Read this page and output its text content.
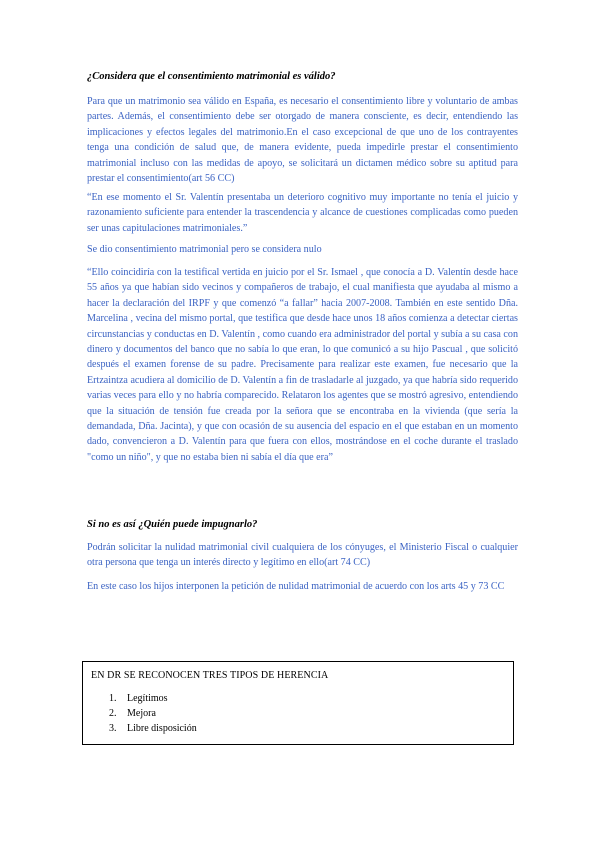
¿Considera que el consentimiento matrimonial es válido?

Para que un matrimonio sea válido en España, es necesario el consentimiento libre y voluntario de ambas partes. Además, el consentimiento debe ser otorgado de manera consciente, es decir, entendiendo las implicaciones y efectos legales del matrimonio.En el caso excepcional de que uno de los contrayentes tenga una condición de salud que, de manera evidente, pueda impedirle prestar el consentimiento matrimonial incluso con las medidas de apoyo, se solicitará un dictamen médico sobre su aptitud para prestar el consentimiento(art 56 CC)

“En ese momento el Sr. Valentín presentaba un deterioro cognitivo muy importante no tenía el juicio y razonamiento suficiente para entender la trascendencia y alcance de cuestiones complicadas como pueden ser unas capitulaciones matrimoniales.”

Se dio consentimiento matrimonial pero se considera nulo

“Ello coincidiría con la testifical vertida en juicio por el Sr. Ismael , que conocía a D. Valentín desde hace 55 años ya que habían sido vecinos y compañeros de trabajo, el cual manifiesta que ayudaba al mismo a hacer la declaración del IRPF y que comenzó “a fallar” hacia 2007-2008. También en este sentido Dña. Marcelina , vecina del mismo portal, que testifica que desde hace unos 18 años comienza a detectar ciertas circunstancias y conductas en D. Valentín , como cuando era administrador del portal y subía a su casa con dinero y documentos del banco que no sabía lo que eran, lo que comunicó a su hijo Pascual , que solicitó después el examen forense de su padre. Precisamente para realizar este examen, fue necesario que la Ertzaintza acudiera al domicilio de D. Valentín a fin de trasladarle al juzgado, ya que habría sido requerido varias veces para ello y no habría comparecido. Relataron los agentes que se mostró agresivo, entendiendo que la situación de tensión fue creada por la señora que se encontraba en la vivienda (que sería la demandada, Dña. Jacinta), y que con ocasión de su ausencia del espacio en el que estaban en un momento dado, convencieron a D. Valentín para que fuera con ellos, mostrándose en el coche durante el traslado "como un niño", y que no estaba bien ni sabía el día que era”

Si no es así ¿Quién puede impugnarlo?

Podrán solicitar la nulidad matrimonial civil cualquiera de los cónyuges, el Ministerio Fiscal o cualquier otra persona que tenga un interés directo y legítimo en ello(art 74 CC)

En este caso los hijos interponen la petición de nulidad matrimonial de acuerdo con los arts 45 y 73 CC

EN DR SE RECONOCEN TRES TIPOS DE HERENCIA

1. Legítimos
2. Mejora
3. Libre disposición
